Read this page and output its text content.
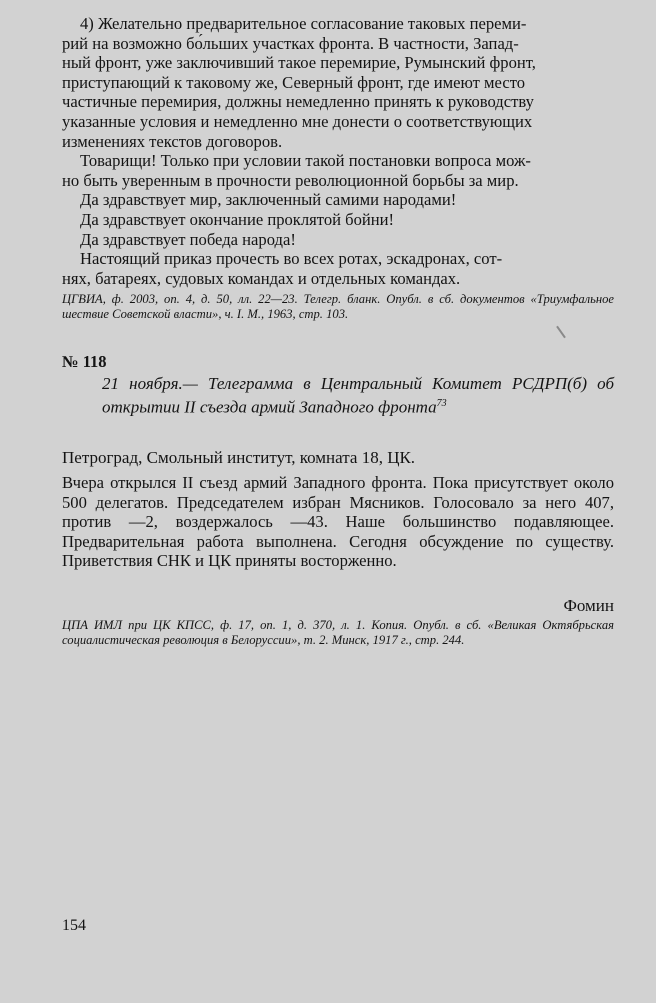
4) Желательно предварительное согласование таковых переми-

рий на возможно бо́льших участках фронта. В частности, Запад-

ный фронт, уже заключивший такое перемирие, Румынский фронт,

приступающий к таковому же, Северный фронт, где имеют место

частичные перемирия, должны немедленно принять к руководству

указанные условия и немедленно мне донести о соответствующих

изменениях текстов договоров.

Товарищи! Только при условии такой постановки вопроса мож-

но быть уверенным в прочности революционной борьбы за мир.

Да здравствует мир, заключенный самими народами!

Да здравствует окончание проклятой бойни!

Да здравствует победа народа!

Настоящий приказ прочесть во всех ротах, эскадронах, сот-

нях, батареях, судовых командах и отдельных командах.

ЦГВИА, ф. 2003, оп. 4, д. 50, лл. 22—23. Телегр. бланк. Опубл. в сб. документов «Триумфальное шествие Советской власти», ч. I. М., 1963, стр. 103.
№ 118
21 ноября.— Телеграмма в Центральный Комитет РСДРП(б) об открытии II съезда армий Западного фронта$^{73}$
Петроград, Смольный институт, комната 18, ЦК.
Вчера открылся II съезд армий Западного фронта. Пока присутствует около 500 делегатов. Председателем избран Мясников. Голосовало за него 407, против —2, воздержалось —43. Наше большинство подавляющее. Предварительная работа выполнена. Сегодня обсуждение по существу. Приветствия СНК и ЦК приняты восторженно.
Фомин
ЦПА ИМЛ при ЦК КПСС, ф. 17, оп. 1, д. 370, л. 1. Копия. Опубл. в сб. «Великая Октябрьская социалистическая революция в Белоруссии», т. 2. Минск, 1917 г., стр. 244.
154
